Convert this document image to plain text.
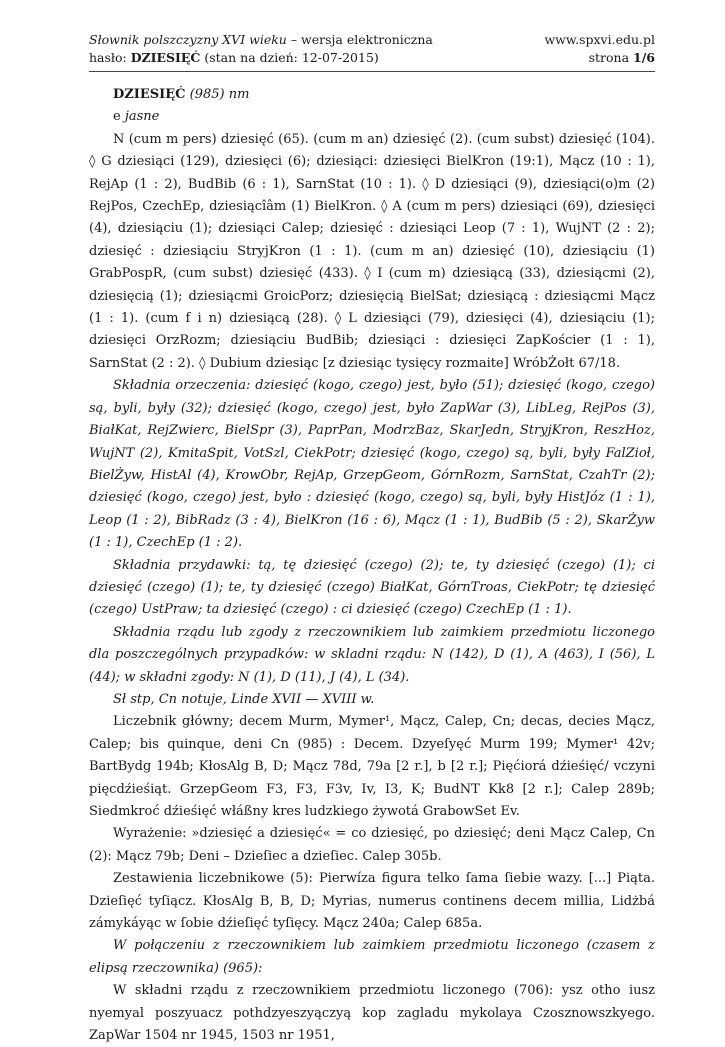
Słownik polszczyzny XVI wieku – wersja elektroniczna	www.spxvi.edu.pl
hasło: DZIESIĘĆ (stan na dzień: 12-07-2015)	strona 1/6

DZIESIĘĆ (985) nm

e jasne

N (cum m pers) dziesięć (65). (cum m an) dziesięć (2). (cum subst) dziesięć (104). ◊ G dziesiąci (129), dziesięci (6); dziesiąci: dziesięci BielKron (19:1), Mącz (10 : 1), RejAp (1 : 2), BudBib (6 : 1), SarnStat (10 : 1). ◊ D dziesiąci (9), dziesiąci(o)m (2) RejPos, CzechEp, dziesiącîâm (1) BielKron. ◊ A (cum m pers) dziesiąci (69), dziesięci (4), dziesiąciu (1); dziesiąci Calep; dziesięć : dziesiąci Leop (7 : 1), WujNT (2 : 2); dziesięć : dziesiąciu StryjKron (1 : 1). (cum m an) dziesięć (10), dziesiąciu (1) GrabPospR, (cum subst) dziesięć (433). ◊ I (cum m) dziesiącą (33), dziesiącmi (2), dziesięcią (1); dziesiącmi GroicPorz; dziesięcią BielSat; dziesiącą : dziesiącmi Mącz (1 : 1). (cum f i n) dziesiącą (28). ◊ L dziesiąci (79), dziesięci (4), dziesiąciu (1); dziesięci OrzRozm; dziesiąciu BudBib; dziesiąci : dziesięci ZapKościer (1 : 1), SarnStat (2 : 2). ◊ Dubium dziesiąc [z dziesiąc tysięcy rozmaite] WróbŻołt 67/18.

Składnia orzeczenia: dziesięć (kogo, czego) jest, było (51); dziesięć (kogo, czego) są, byli, były (32); dziesięć (kogo, czego) jest, było ZapWar (3), LibLeg, RejPos (3), BiałKat, RejZwierc, BielSpr (3), PaprPan, ModrzBaz, SkarJedn, StryjKron, ReszHoz, WujNT (2), KmitaSpit, VotSzl, CiekPotr; dziesięć (kogo, czego) są, byli, były FalZioł, BielŻyw, HistAl (4), KrowObr, RejAp, GrzepGeom, GórnRozm, SarnStat, CzahTr (2); dziesięć (kogo, czego) jest, było : dziesięć (kogo, czego) są, byli, były HistJóz (1 : 1), Leop (1 : 2), BibRadz (3 : 4), BielKron (16 : 6), Mącz (1 : 1), BudBib (5 : 2), SkarŻyw (1 : 1), CzechEp (1 : 2).

Składnia przydawki: tą, tę dziesięć (czego) (2); te, ty dziesięć (czego) (1); ci dziesięć (czego) (1); te, ty dziesięć (czego) BiałKat, GórnTroas, CiekPotr; tę dziesięć (czego) UstPraw; ta dziesięć (czego) : ci dziesięć (czego) CzechEp (1 : 1).

Składnia rządu lub zgody z rzeczownikiem lub zaimkiem przedmiotu liczonego dla poszczególnych przypadków: w skladni rządu: N (142), D (1), A (463), I (56), L (44); w składni zgody: N (1), D (11), J (4), L (34).

Sł stp, Cn notuje, Linde XVII — XVIII w.

Liczebnik główny; decem Murm, Mymer¹, Mącz, Calep, Cn; decas, decies Mącz, Calep; bis quinque, deni Cn (985) : Decem. Dzyeſyęć Murm 199; Mymer¹ 42v; BartBydg 194b; KłosAlg B, D; Mącz 78d, 79a [2 r.], b [2 r.]; Pięćiorá dźieśięć/ vczyni pięcdźieśiąt. GrzepGeom F3, F3, F3v, Iv, I3, K; BudNT Kk8 [2 r.]; Calep 289b; Siedmkroć dźieśięć włáßny kres ludzkiego żywotá GrabowSet Ev.

Wyrażenie: »dziesięć a dziesięć« = co dziesięć, po dziesięć; deni Mącz Calep, Cn (2): Mącz 79b; Deni – Dzieſiec a dzieſiec. Calep 305b.

Zestawienia liczebnikowe (5): Pierwíza figura telko ſama ſiebie wazy. [...] Piąta. Dzieſięć tyſiącz. KłosAlg B, B, D; Myrias, numerus continens decem millia, Lidżbá zámykáyąc w ſobie dźieſięć tyſięcy. Mącz 240a; Calep 685a.

W połączeniu z rzeczownikiem lub zaimkiem przedmiotu liczonego (czasem z elipsą rzeczownika) (965):

W składni rządu z rzeczownikiem przedmiotu liczonego (706): ysz otho iusz nyemyal poszyuacz pothdzyeszyączyą kop zagladu mykolaya Czosznowszkyego. ZapWar 1504 nr 1945, 1503 nr 1951,
